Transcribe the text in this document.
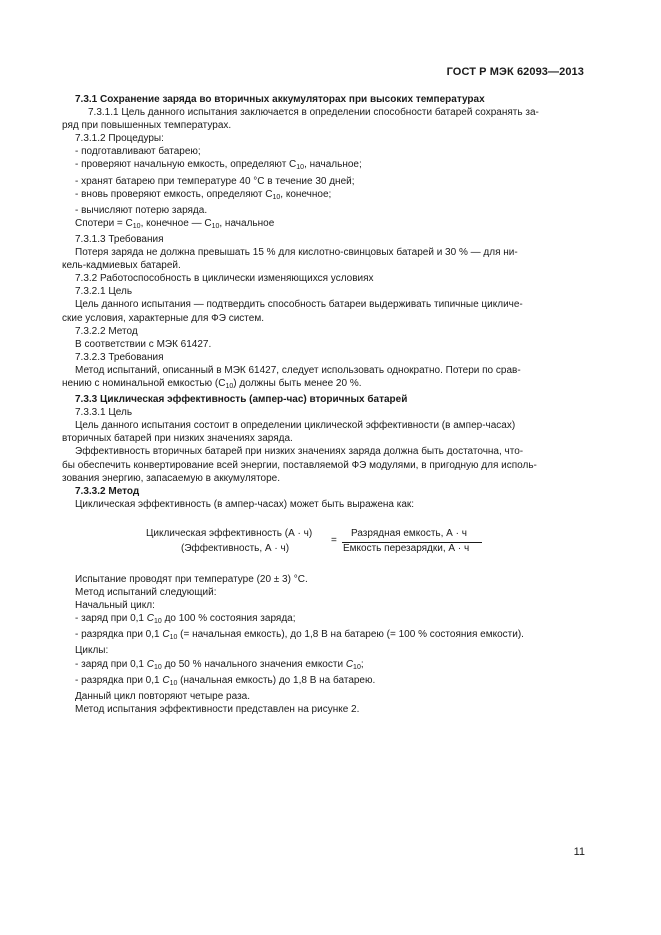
ГОСТ Р МЭК 62093—2013

7.3.1 Сохранение заряда во вторичных аккумуляторах при высоких температурах

7.3.1.1 Цель данного испытания заключается в определении способности батарей сохранять за-

ряд при повышенных температурах.

7.3.1.2 Процедуры:

- подготавливают батарею;

- проверяют начальную емкость, определяют $C_{10}$, начальное;

- хранят батарею при температуре 40 °C в течение 30 дней;

- вновь проверяют емкость, определяют $C_{10}$, конечное;

- вычисляют потерю заряда.

Спотери = $C_{10}$, конечное — $C_{10}$, начальное

7.3.1.3 Требования

Потеря заряда не должна превышать 15 % для кислотно-свинцовых батарей и 30 % — для ни-

кель-кадмиевых батарей.

7.3.2 Работоспособность в циклически изменяющихся условиях

7.3.2.1 Цель

Цель данного испытания — подтвердить способность батареи выдерживать типичные цикличе-

ские условия, характерные для ФЭ систем.

7.3.2.2 Метод

В соответствии с МЭК 61427.

7.3.2.3 Требования

Метод испытаний, описанный в МЭК 61427, следует использовать однократно. Потери по срав-

нению с номинальной емкостью $(C_{10})$ должны быть менее 20 %.

7.3.3 Циклическая эффективность (ампер-час) вторичных батарей

7.3.3.1 Цель

Цель данного испытания состоит в определении циклической эффективности (в ампер-часах)

вторичных батарей при низких значениях заряда.

Эффективность вторичных батарей при низких значениях заряда должна быть достаточна, что-

бы обеспечить конвертирование всей энергии, поставляемой ФЭ модулями, в пригодную для исполь-

зования энергию, запасаемую в аккумуляторе.

7.3.3.2 Метод

Циклическая эффективность (в ампер-часах) может быть выражена как:

Циклическая эффективность (А · ч)
(Эффективность, А · ч)
=
Разрядная емкость, А · ч
Емкость перезарядки, А · ч

Испытание проводят при температуре (20 ± 3) °C.

Метод испытаний следующий:

Начальный цикл:

- заряд при 0,1 $C_{10}$ до 100 % состояния заряда;

- разрядка при 0,1 $C_{10}$ (= начальная емкость), до 1,8 В на батарею (= 100 % состояния емкости).

Циклы:

- заряд при 0,1 $C_{10}$ до 50 % начального значения емкости $C_{10}$;

- разрядка при 0,1 $C_{10}$ (начальная емкость) до 1,8 В на батарею.

Данный цикл повторяют четыре раза.

Метод испытания эффективности представлен на рисунке 2.

11
